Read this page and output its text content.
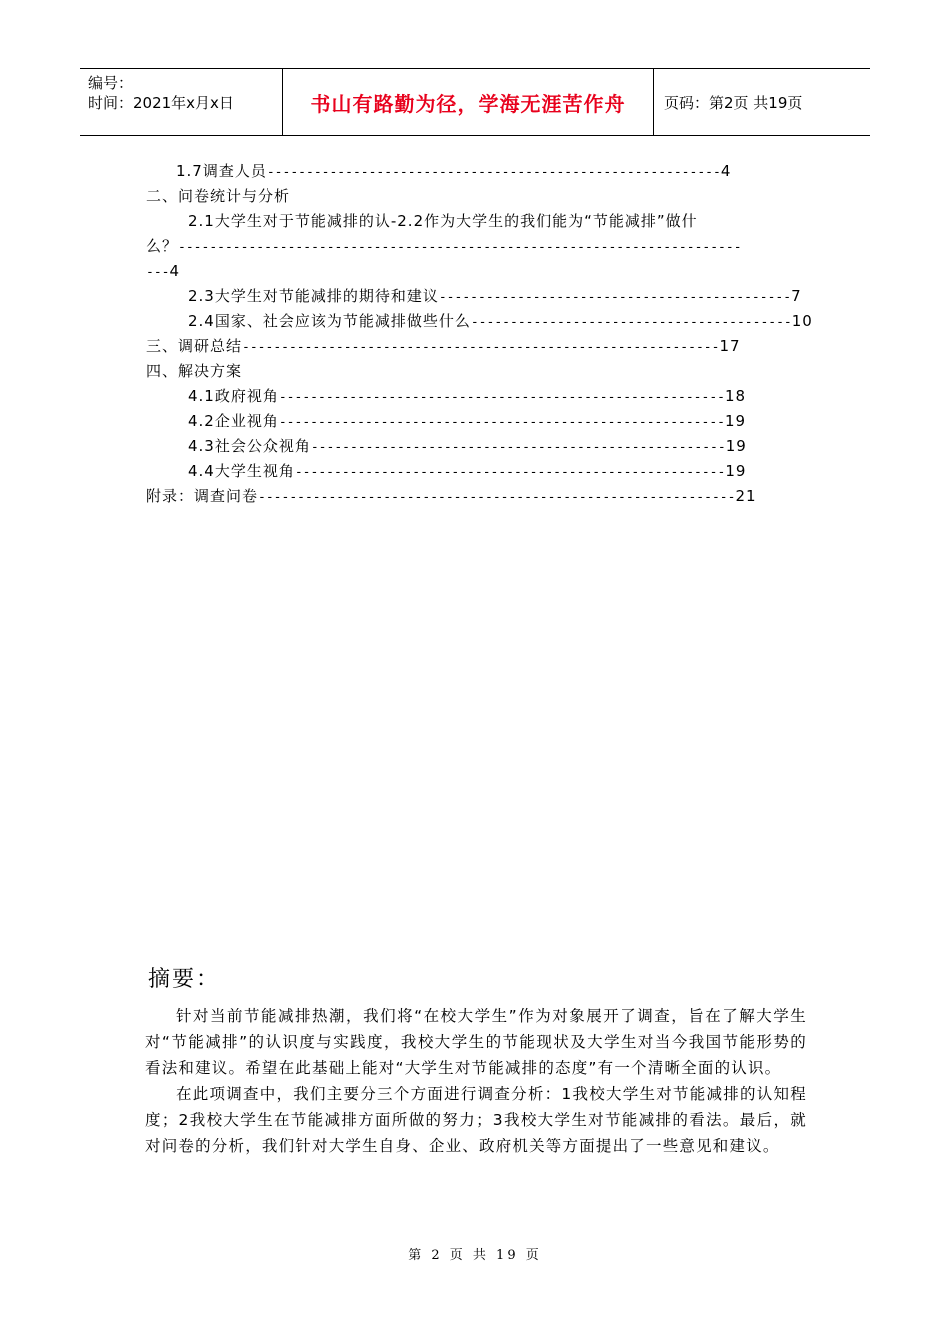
编号：
时间：2021年x月x日	书山有路勤为径，学海无涯苦作舟	页码：第2页 共19页
1.7调查人员----------------------------------------------------------4
二、问卷统计与分析
2.1大学生对于节能减排的认-2.2作为大学生的我们能为“节能减排”做什
么？------------------------------------------------------------------------
---4
2.3大学生对节能减排的期待和建议---------------------------------------------7
2.4国家、社会应该为节能减排做些什么-----------------------------------------10
三、调研总结-------------------------------------------------------------17
四、解决方案
4.1政府视角---------------------------------------------------------18
4.2企业视角---------------------------------------------------------19
4.3社会公众视角-----------------------------------------------------19
4.4大学生视角-------------------------------------------------------19
附录：调查问卷-------------------------------------------------------------21
摘要：

针对当前节能减排热潮，我们将“在校大学生”作为对象展开了调查，旨在了解大学生对“节能减排”的认识度与实践度，我校大学生的节能现状及大学生对当今我国节能形势的看法和建议。希望在此基础上能对“大学生对节能减排的态度”有一个清晰全面的认识。

在此项调查中，我们主要分三个方面进行调查分析：1我校大学生对节能减排的认知程度；2我校大学生在节能减排方面所做的努力；3我校大学生对节能减排的看法。最后，就对问卷的分析，我们针对大学生自身、企业、政府机关等方面提出了一些意见和建议。

第 2 页 共 19 页
